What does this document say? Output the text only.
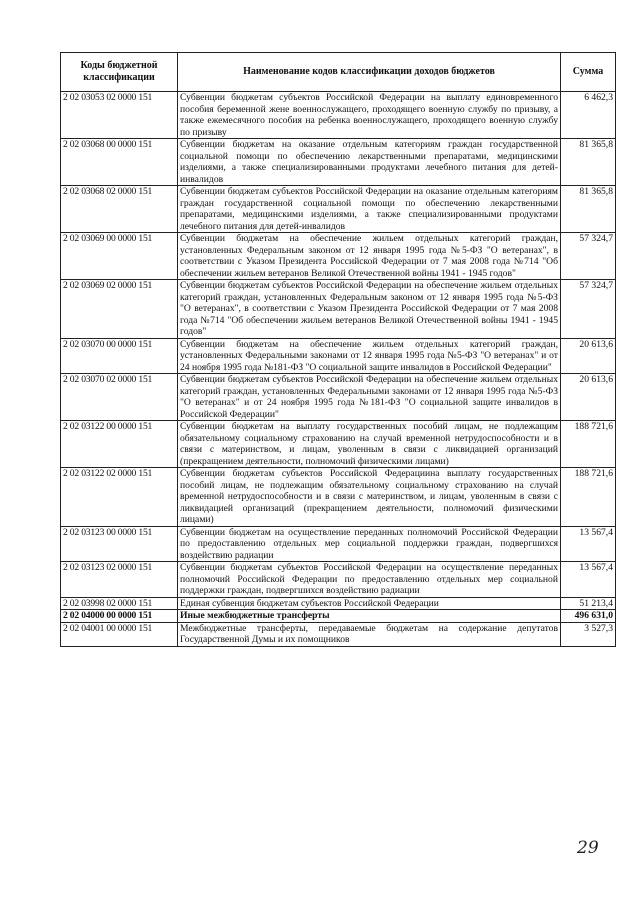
Коды бюджетной классификации	Наименование кодов классификации доходов бюджетов	Сумма
2 02 03053 02 0000 151	Субвенции бюджетам субъектов Российской Федерации на выплату единовременного пособия беременной жене военнослужащего, проходящего военную службу по призыву, а также ежемесячного пособия на ребенка военнослужащего, проходящего военную службу по призыву	6 462,3
2 02 03068 00 0000 151	Субвенции бюджетам на оказание отдельным категориям граждан государственной социальной помощи по обеспечению лекарственными препаратами, медицинскими изделиями, а также специализированными продуктами лечебного питания для детей-инвалидов	81 365,8
2 02 03068 02 0000 151	Субвенции бюджетам субъектов Российской Федерации на оказание отдельным категориям граждан государственной социальной помощи по обеспечению лекарственными препаратами, медицинскими изделиями, а также специализированными продуктами лечебного питания для детей-инвалидов	81 365,8
2 02 03069 00 0000 151	Субвенции бюджетам на обеспечение жильем отдельных категорий граждан, установленных Федеральным законом от 12 января 1995 года №5-ФЗ "О ветеранах", в соответствии с Указом Президента Российской Федерации от 7 мая 2008 года №714 "Об обеспечении жильем ветеранов Великой Отечественной войны 1941 - 1945 годов"	57 324,7
2 02 03069 02 0000 151	Субвенции бюджетам субъектов Российской Федерации на обеспечение жильем отдельных категорий граждан, установленных Федеральным законом от 12 января 1995 года №5-ФЗ "О ветеранах", в соответствии с Указом Президента Российской Федерации от 7 мая 2008 года №714 "Об обеспечении жильем ветеранов Великой Отечественной войны 1941 - 1945 годов"	57 324,7
2 02 03070 00 0000 151	Субвенции бюджетам на обеспечение жильем отдельных категорий граждан, установленных Федеральными законами от 12 января 1995 года №5-ФЗ "О ветеранах" и от 24 ноября 1995 года №181-ФЗ "О социальной защите инвалидов в Российской Федерации"	20 613,6
2 02 03070 02 0000 151	Субвенции бюджетам субъектов Российской Федерации на обеспечение жильем отдельных категорий граждан, установленных Федеральными законами от 12 января 1995 года №5-ФЗ "О ветеранах" и от 24 ноября 1995 года №181-ФЗ "О социальной защите инвалидов в Российской Федерации"	20 613,6
2 02 03122 00 0000 151	Субвенции бюджетам на выплату государственных пособий лицам, не подлежащим обязательному социальному страхованию на случай временной нетрудоспособности и в связи с материнством, и лицам, уволенным в связи с ликвидацией организаций (прекращением деятельности, полномочий физическими лицами)	188 721,6
2 02 03122 02 0000 151	Субвенции бюджетам субъектов Российской Федерациина выплату государственных пособий лицам, не подлежащим обязательному социальному страхованию на случай временной нетрудоспособности и в связи с материнством, и лицам, уволенным в связи с ликвидацией организаций (прекращением деятельности, полномочий физическими лицами)	188 721,6
2 02 03123 00 0000 151	Субвенции бюджетам на осуществление переданных полномочий Российской Федерации по предоставлению отдельных мер социальной поддержки граждан, подвергшихся воздействию радиации	13 567,4
2 02 03123 02 0000 151	Субвенции бюджетам субъектов Российской Федерации на осуществление переданных полномочий Российской Федерации по предоставлению отдельных мер социальной поддержки граждан, подвергшихся воздействию радиации	13 567,4
2 02 03998 02 0000 151	Единая субвенция бюджетам субъектов Российской Федерации	51 213,4
2 02 04000 00 0000 151	Иные межбюджетные трансферты	496 631,0
2 02 04001 00 0000 151	Межбюджетные трансферты, передаваемые бюджетам на содержание депутатов Государственной Думы и их помощников	3 527,3
29
